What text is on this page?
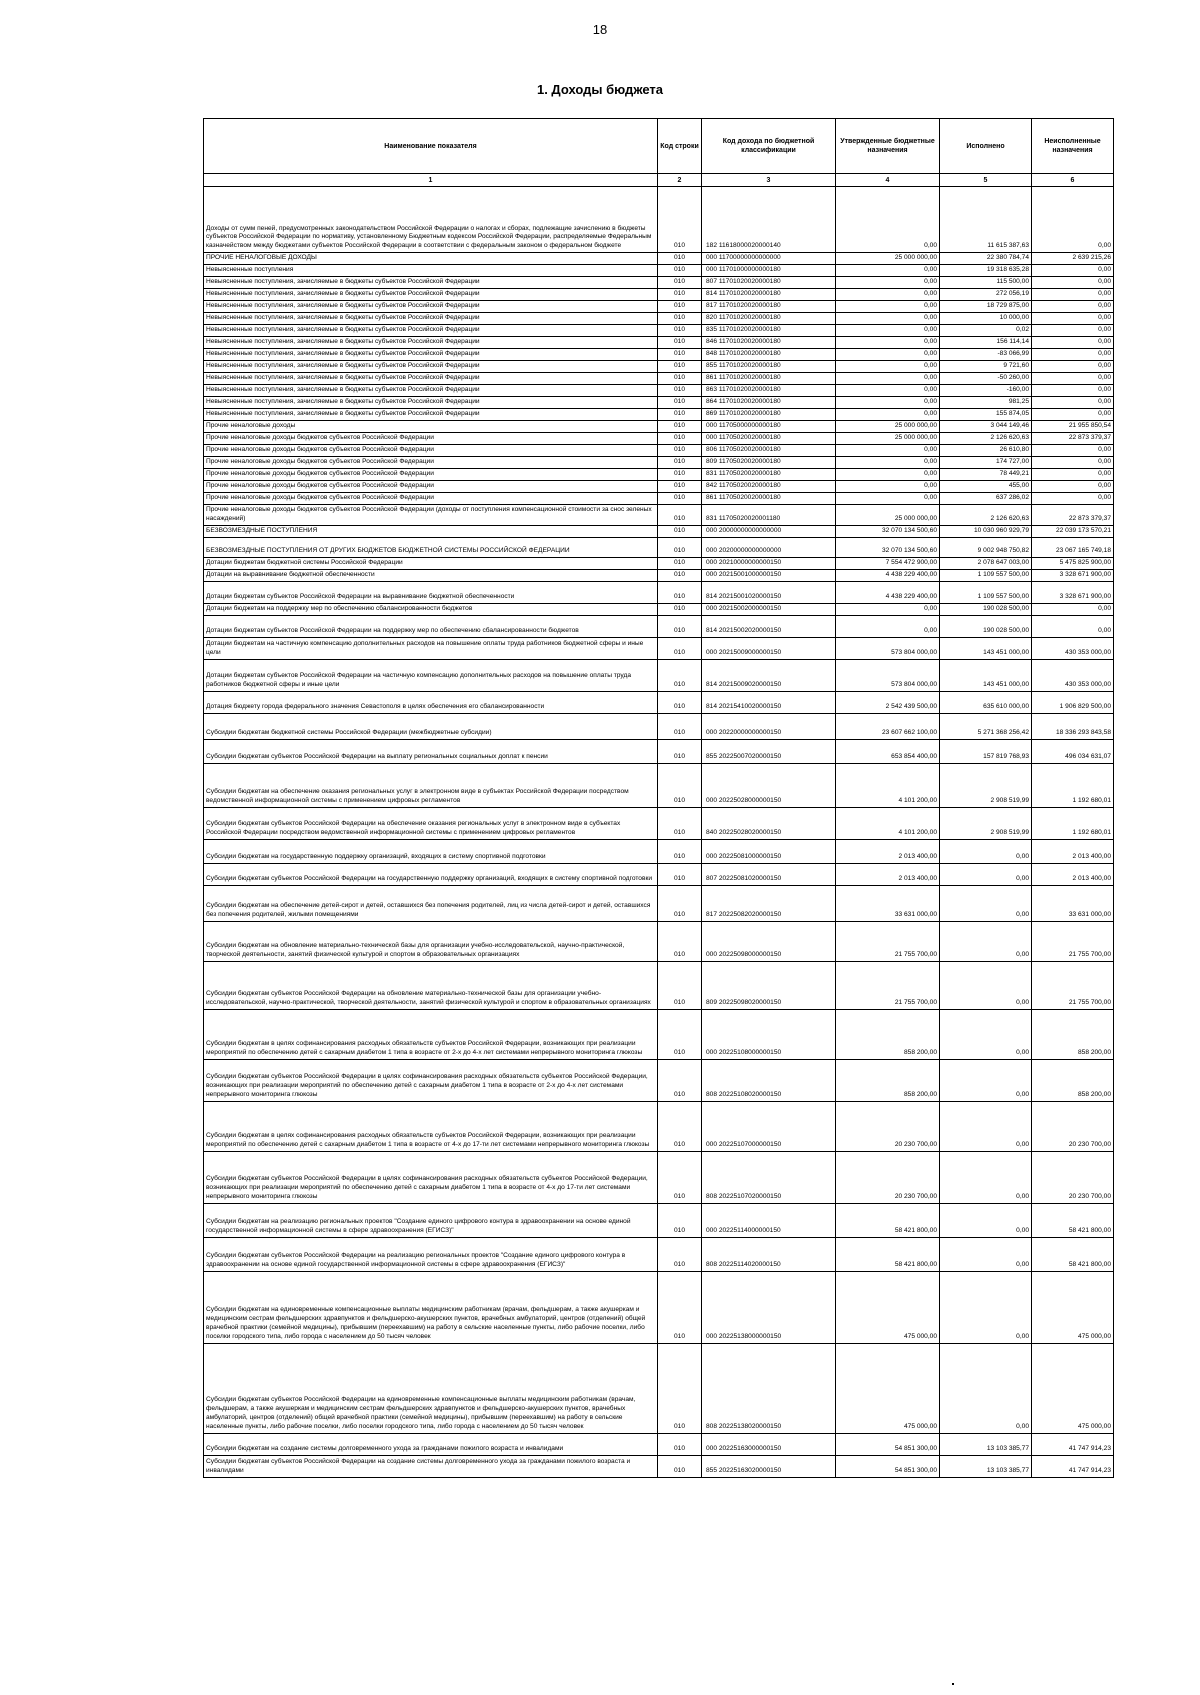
18
1. Доходы бюджета
Наименование показателя	Код строки	Код дохода по бюджетной классификации	Утвержденные бюджетные назначения	Исполнено	Неисполненные назначения
1	2	3	4	5	6
Доходы от сумм пеней, предусмотренных законодательством Российской Федерации о налогах и сборах, подлежащие зачислению в бюджеты субъектов Российской Федерации по нормативу, установленному Бюджетным кодексом Российской Федерации, распределяемые Федеральным казначейством между бюджетами субъектов Российской Федерации в соответствии с федеральным законом о федеральном бюджете	010	182 11618000020000140	0,00	11 615 387,63	0,00
ПРОЧИЕ НЕНАЛОГОВЫЕ ДОХОДЫ	010	000 11700000000000000	25 000 000,00	22 380 784,74	2 639 215,26
Невыясненные поступления	010	000 11701000000000180	0,00	19 318 635,28	0,00
Невыясненные поступления, зачисляемые в бюджеты субъектов Российской Федерации	010	807 11701020020000180	0,00	115 500,00	0,00
Невыясненные поступления, зачисляемые в бюджеты субъектов Российской Федерации	010	814 11701020020000180	0,00	272 056,19	0,00
Невыясненные поступления, зачисляемые в бюджеты субъектов Российской Федерации	010	817 11701020020000180	0,00	18 729 875,00	0,00
Невыясненные поступления, зачисляемые в бюджеты субъектов Российской Федерации	010	820 11701020020000180	0,00	10 000,00	0,00
Невыясненные поступления, зачисляемые в бюджеты субъектов Российской Федерации	010	835 11701020020000180	0,00	0,02	0,00
Невыясненные поступления, зачисляемые в бюджеты субъектов Российской Федерации	010	846 11701020020000180	0,00	156 114,14	0,00
Невыясненные поступления, зачисляемые в бюджеты субъектов Российской Федерации	010	848 11701020020000180	0,00	-83 066,99	0,00
Невыясненные поступления, зачисляемые в бюджеты субъектов Российской Федерации	010	855 11701020020000180	0,00	9 721,60	0,00
Невыясненные поступления, зачисляемые в бюджеты субъектов Российской Федерации	010	861 11701020020000180	0,00	-50 260,00	0,00
Невыясненные поступления, зачисляемые в бюджеты субъектов Российской Федерации	010	863 11701020020000180	0,00	-160,00	0,00
Невыясненные поступления, зачисляемые в бюджеты субъектов Российской Федерации	010	864 11701020020000180	0,00	981,25	0,00
Невыясненные поступления, зачисляемые в бюджеты субъектов Российской Федерации	010	869 11701020020000180	0,00	155 874,05	0,00
Прочие неналоговые доходы	010	000 11705000000000180	25 000 000,00	3 044 149,46	21 955 850,54
Прочие неналоговые доходы бюджетов субъектов Российской Федерации	010	000 11705020020000180	25 000 000,00	2 126 620,63	22 873 379,37
Прочие неналоговые доходы бюджетов субъектов Российской Федерации	010	806 11705020020000180	0,00	26 610,80	0,00
Прочие неналоговые доходы бюджетов субъектов Российской Федерации	010	809 11705020020000180	0,00	174 727,00	0,00
Прочие неналоговые доходы бюджетов субъектов Российской Федерации	010	831 11705020020000180	0,00	78 449,21	0,00
Прочие неналоговые доходы бюджетов субъектов Российской Федерации	010	842 11705020020000180	0,00	455,00	0,00
Прочие неналоговые доходы бюджетов субъектов Российской Федерации	010	861 11705020020000180	0,00	637 286,02	0,00
Прочие неналоговые доходы бюджетов субъектов Российской Федерации (доходы от поступления компенсационной стоимости за снос зеленых насаждений)	010	831 11705020020001180	25 000 000,00	2 126 620,63	22 873 379,37
БЕЗВОЗМЕЗДНЫЕ ПОСТУПЛЕНИЯ	010	000 20000000000000000	32 070 134 500,60	10 030 960 929,79	22 039 173 570,21
БЕЗВОЗМЕЗДНЫЕ ПОСТУПЛЕНИЯ ОТ ДРУГИХ БЮДЖЕТОВ БЮДЖЕТНОЙ СИСТЕМЫ РОССИЙСКОЙ ФЕДЕРАЦИИ	010	000 20200000000000000	32 070 134 500,60	9 002 948 750,82	23 067 165 749,18
Дотации бюджетам бюджетной системы Российской Федерации	010	000 20210000000000150	7 554 472 900,00	2 078 647 003,00	5 475 825 900,00
Дотации на выравнивание бюджетной обеспеченности	010	000 20215001000000150	4 438 229 400,00	1 109 557 500,00	3 328 671 900,00
Дотации бюджетам субъектов Российской Федерации на выравнивание бюджетной обеспеченности	010	814 20215001020000150	4 438 229 400,00	1 109 557 500,00	3 328 671 900,00
Дотации бюджетам на поддержку мер по обеспечению сбалансированности бюджетов	010	000 20215002000000150	0,00	190 028 500,00	0,00
Дотации бюджетам субъектов Российской Федерации на поддержку мер по обеспечению сбалансированности бюджетов	010	814 20215002020000150	0,00	190 028 500,00	0,00
Дотации бюджетам на частичную компенсацию дополнительных расходов на повышение оплаты труда работников бюджетной сферы и иные цели	010	000 20215009000000150	573 804 000,00	143 451 000,00	430 353 000,00
Дотации бюджетам субъектов Российской Федерации на частичную компенсацию дополнительных расходов на повышение оплаты труда работников бюджетной сферы и иные цели	010	814 20215009020000150	573 804 000,00	143 451 000,00	430 353 000,00
Дотация бюджету города федерального значения Севастополя в целях обеспечения его сбалансированности	010	814 20215410020000150	2 542 439 500,00	635 610 000,00	1 906 829 500,00
Субсидии бюджетам бюджетной системы Российской Федерации (межбюджетные субсидии)	010	000 20220000000000150	23 607 662 100,00	5 271 368 256,42	18 336 293 843,58
Субсидии бюджетам субъектов Российской Федерации на выплату региональных социальных доплат к пенсии	010	855 20225007020000150	653 854 400,00	157 819 768,93	496 034 631,07
Субсидии бюджетам на обеспечение оказания региональных услуг в электронном виде в субъектах Российской Федерации посредством ведомственной информационной системы с применением цифровых регламентов	010	000 20225028000000150	4 101 200,00	2 908 519,99	1 192 680,01
Субсидии бюджетам субъектов Российской Федерации на обеспечение оказания региональных услуг в электронном виде в субъектах Российской Федерации посредством ведомственной информационной системы с применением цифровых регламентов	010	840 20225028020000150	4 101 200,00	2 908 519,99	1 192 680,01
Субсидии бюджетам на государственную поддержку организаций, входящих в систему спортивной подготовки	010	000 20225081000000150	2 013 400,00	0,00	2 013 400,00
Субсидии бюджетам субъектов Российской Федерации на государственную поддержку организаций, входящих в систему спортивной подготовки	010	807 20225081020000150	2 013 400,00	0,00	2 013 400,00
Субсидии бюджетам на обеспечение детей-сирот и детей, оставшихся без попечения родителей, лиц из числа детей-сирот и детей, оставшихся без попечения родителей, жилыми помещениями	010	817 20225082020000150	33 631 000,00	0,00	33 631 000,00
Субсидии бюджетам на обновление материально-технической базы для организации учебно-исследовательской, научно-практической, творческой деятельности, занятий физической культурой и спортом в образовательных организациях	010	000 20225098000000150	21 755 700,00	0,00	21 755 700,00
Субсидии бюджетам субъектов Российской Федерации на обновление материально-технической базы для организации учебно-исследовательской, научно-практической, творческой деятельности, занятий физической культурой и спортом в образовательных организациях	010	809 20225098020000150	21 755 700,00	0,00	21 755 700,00
Субсидии бюджетам в целях софинансирования расходных обязательств субъектов Российской Федерации, возникающих при реализации мероприятий по обеспечению детей с сахарным диабетом 1 типа в возрасте от 2-х до 4-х лет системами непрерывного мониторинга глюкозы	010	000 20225108000000150	858 200,00	0,00	858 200,00
Субсидии бюджетам субъектов Российской Федерации в целях софинансирования расходных обязательств субъектов Российской Федерации, возникающих при реализации мероприятий по обеспечению детей с сахарным диабетом 1 типа в возрасте от 2-х до 4-х лет системами непрерывного мониторинга глюкозы	010	808 20225108020000150	858 200,00	0,00	858 200,00
Субсидии бюджетам в целях софинансирования расходных обязательств субъектов Российской Федерации, возникающих при реализации мероприятий по обеспечению детей с сахарным диабетом 1 типа в возрасте от 4-х до 17-ти лет системами непрерывного мониторинга глюкозы	010	000 20225107000000150	20 230 700,00	0,00	20 230 700,00
Субсидии бюджетам субъектов Российской Федерации в целях софинансирования расходных обязательств субъектов Российской Федерации, возникающих при реализации мероприятий по обеспечению детей с сахарным диабетом 1 типа в возрасте от 4-х до 17-ти лет системами непрерывного мониторинга глюкозы	010	808 20225107020000150	20 230 700,00	0,00	20 230 700,00
Субсидии бюджетам на реализацию региональных проектов "Создание единого цифрового контура в здравоохранении на основе единой государственной информационной системы в сфере здравоохранения (ЕГИСЗ)"	010	000 20225114000000150	58 421 800,00	0,00	58 421 800,00
Субсидии бюджетам субъектов Российской Федерации на реализацию региональных проектов "Создание единого цифрового контура в здравоохранении на основе единой государственной информационной системы в сфере здравоохранения (ЕГИСЗ)"	010	808 20225114020000150	58 421 800,00	0,00	58 421 800,00
Субсидии бюджетам на единовременные компенсационные выплаты медицинским работникам (врачам, фельдшерам, а также акушеркам и медицинским сестрам фельдшерских здравпунктов и фельдшерско-акушерских пунктов, врачебных амбулаторий, центров (отделений) общей врачебной практики (семейной медицины), прибывшим (переехавшим) на работу в сельские населенные пункты, либо рабочие поселки, либо поселки городского типа, либо города с населением до 50 тысяч человек	010	000 20225138000000150	475 000,00	0,00	475 000,00
Субсидии бюджетам субъектов Российской Федерации на единовременные компенсационные выплаты медицинским работникам (врачам, фельдшерам, а также акушеркам и медицинским сестрам фельдшерских здравпунктов и фельдшерско-акушерских пунктов, врачебных амбулаторий, центров (отделений) общей врачебной практики (семейной медицины), прибывшим (переехавшим) на работу в сельские населенные пункты, либо рабочие поселки, либо поселки городского типа, либо города с населением до 50 тысяч человек	010	808 20225138020000150	475 000,00	0,00	475 000,00
Субсидии бюджетам на создание системы долговременного ухода за гражданами пожилого возраста и инвалидами	010	000 20225163000000150	54 851 300,00	13 103 385,77	41 747 914,23
Субсидии бюджетам субъектов Российской Федерации на создание системы долговременного ухода за гражданами пожилого возраста и инвалидами	010	855 20225163020000150	54 851 300,00	13 103 385,77	41 747 914,23
